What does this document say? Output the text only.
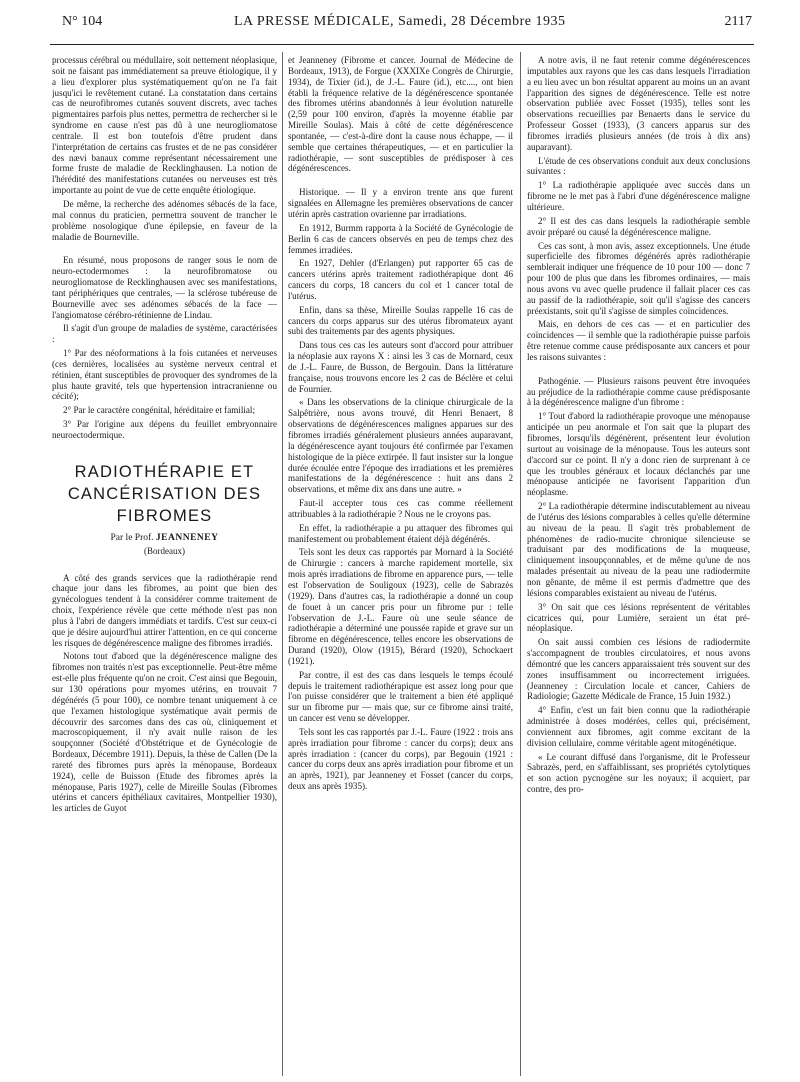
N° 104	LA PRESSE MÉDICALE, Samedi, 28 Décembre 1935	2117

processus cérébral ou médullaire, soit nettement néoplasique, soit ne faisant pas immédiatement sa preuve étiologique, il y a lieu d'explorer plus systématiquement qu'on ne l'a fait jusqu'ici le revêtement cutané. La constatation dans certains cas de neurofibromes cutanés souvent discrets, avec taches pigmentaires parfois plus nettes, permettra de rechercher si le syndrome en cause n'est pas dû à une neurogliomatose centrale. Il est bon toutefois d'être prudent dans l'interprétation de certains cas frustes et de ne pas considérer des nævi banaux comme représentant nécessairement une forme fruste de maladie de Recklinghausen. La notion de l'hérédité des manifestations cutanées ou nerveuses est très importante au point de vue de cette enquête étiologique.

De même, la recherche des adénomes sébacés de la face, mal connus du praticien, permettra souvent de trancher le problème nosologique d'une épilepsie, en faveur de la maladie de Bourneville.

En résumé, nous proposons de ranger sous le nom de neuro-ectodermomes : la neurofibromatose ou neurogliomatose de Recklinghausen avec ses manifestations, tant périphériques que centrales, — la sclérose tubéreuse de Bourneville avec ses adénomes sébacés de la face — l'angiomatose cérébro-rétinienne de Lindau.

Il s'agit d'un groupe de maladies de système, caractérisées :

1° Par des néoformations à la fois cutanées et nerveuses (ces dernières, localisées au système nerveux central et rétinien, étant susceptibles de provoquer des syndromes de la plus haute gravité, tels que hypertension intracranienne ou cécité);

2° Par le caractère congénital, héréditaire et familial;

3° Par l'origine aux dépens du feuillet embryonnaire neuroectodermique.

RADIOTHÉRAPIE ET CANCÉRISATION DES FIBROMES
Par le Prof. JEANNENEY
(Bordeaux)

A côté des grands services que la radiothérapie rend chaque jour dans les fibromes, au point que bien des gynécologues tendent à la considérer comme traitement de choix, l'expérience révèle que cette méthode n'est pas non plus à l'abri de dangers immédiats et tardifs. C'est sur ceux-ci que je désire aujourd'hui attirer l'attention, en ce qui concerne les risques de dégénérescence maligne des fibromes irradiés.

Notons tout d'abord que la dégénérescence maligne des fibromes non traités n'est pas exceptionnelle. Peut-être même est-elle plus fréquente qu'on ne croit. C'est ainsi que Begouin, sur 130 opérations pour myomes utérins, en trouvait 7 dégénérés (5 pour 100), ce nombre tenant uniquement à ce que l'examen histologique systématique avait permis de découvrir des sarcomes dans des cas où, cliniquement et macroscopiquement, il n'y avait nulle raison de les soupçonner (Société d'Obstétrique et de Gynécologie de Bordeaux, Décembre 1911). Depuis, la thèse de Callen (De la rareté des fibromes purs après la ménopause, Bordeaux 1924), celle de Buisson (Etude des fibromes après la ménopause, Paris 1927), celle de Mireille Soulas (Fibromes utérins et cancers épithéliaux cavitaires, Montpellier 1930), les articles de Guyot

et Jeanneney (Fibrome et cancer. Journal de Médecine de Bordeaux, 1913), de Forgue (XXXIXe Congrès de Chirurgie, 1934), de Tixier (id.), de J.-L. Faure (id.), etc...., ont bien établi la fréquence relative de la dégénérescence spontanée des fibromes utérins abandonnés à leur évolution naturelle (2,59 pour 100 environ, d'après la moyenne établie par Mireille Soulas). Mais à côté de cette dégénérescence spontanée, — c'est-à-dire dont la cause nous échappe, — il semble que certaines thérapeutiques, — et en particulier la radiothérapie, — sont susceptibles de prédisposer à ces dégénérescences.

Historique. — Il y a environ trente ans que furent signalées en Allemagne les premières observations de cancer utérin après castration ovarienne par irradiations.

En 1912, Burmm rapporta à la Société de Gynécologie de Berlin 6 cas de cancers observés en peu de temps chez des femmes irradiées.

En 1927, Dehler (d'Erlangen) put rapporter 65 cas de cancers utérins après traitement radiothérapique dont 46 cancers du corps, 18 cancers du col et 1 cancer total de l'utérus.

Enfin, dans sa thèse, Mireille Soulas rappelle 16 cas de cancers du corps apparus sur des utérus fibromateux ayant subi des traitements par des agents physiques.

Dans tous ces cas les auteurs sont d'accord pour attribuer la néoplasie aux rayons X : ainsi les 3 cas de Mornard, ceux de J.-L. Faure, de Busson, de Bergouin. Dans la littérature française, nous trouvons encore les 2 cas de Béclère et celui de Fournier.

« Dans les observations de la clinique chirurgicale de la Salpêtrière, nous avons trouvé, dit Henri Benaert, 8 observations de dégénérescences malignes apparues sur des fibromes irradiés généralement plusieurs années auparavant, la dégénérescence ayant toujours été confirmée par l'examen histologique de la pièce extirpée. Il faut insister sur la longue durée écoulée entre l'époque des irradiations et les premières manifestations de la dégénérescence : huit ans dans 2 observations, et même dix ans dans une autre. »

Faut-il accepter tous ces cas comme réellement attribuables à la radiothérapie ? Nous ne le croyons pas.

En effet, la radiothérapie a pu attaquer des fibromes qui manifestement ou probablement étaient déjà dégénérés.

Tels sont les deux cas rapportés par Mornard à la Société de Chirurgie : cancers à marche rapidement mortelle, six mois après irradiations de fibrome en apparence purs, — telle est l'observation de Souligoux (1923), celle de Sabrazès (1929). Dans d'autres cas, la radiothérapie a donné un coup de fouet à un cancer pris pour un fibrome pur : telle l'observation de J.-L. Faure où une seule séance de radiothérapie a déterminé une poussée rapide et grave sur un fibrome en dégénérescence, telles encore les observations de Durand (1920), Olow (1915), Bérard (1920), Schockaert (1921).

Par contre, il est des cas dans lesquels le temps écoulé depuis le traitement radiothérapique est assez long pour que l'on puisse considérer que le traitement a bien été appliqué sur un fibrome pur — mais que, sur ce fibrome ainsi traité, un cancer est venu se développer.

Tels sont les cas rapportés par J.-L. Faure (1922 : trois ans après irradiation pour fibrome : cancer du corps); deux ans après irradiation : (cancer du corps), par Begouin (1921 : cancer du corps deux ans après irradiation pour fibrome et un an après, 1921), par Jeanneney et Fosset (cancer du corps, deux ans après 1935).

A notre avis, il ne faut retenir comme dégénérescences imputables aux rayons que les cas dans lesquels l'irradiation a eu lieu avec un bon résultat apparent au moins un an avant l'apparition des signes de dégénérescence. Telle est notre observation publiée avec Fosset (1935), telles sont les observations recueillies par Benaerts dans le service du Professeur Gosset (1933), (3 cancers apparus sur des fibromes irradiés plusieurs années (de trois à dix ans) auparavant).

L'étude de ces observations conduit aux deux conclusions suivantes :

1° La radiothérapie appliquée avec succès dans un fibrome ne le met pas à l'abri d'une dégénérescence maligne ultérieure.

2° Il est des cas dans lesquels la radiothérapie semble avoir préparé ou causé la dégénérescence maligne.

Ces cas sont, à mon avis, assez exceptionnels. Une étude superficielle des fibromes dégénérés après radiothérapie semblerait indiquer une fréquence de 10 pour 100 — donc 7 pour 100 de plus que dans les fibromes ordinaires, — mais nous avons vu avec quelle prudence il fallait placer ces cas au passif de la radiothérapie, soit qu'il s'agisse des cancers préexistants, soit qu'il s'agisse de simples coïncidences.

Mais, en dehors de ces cas — et en particulier des coïncidences — il semble que la radiothérapie puisse parfois être retenue comme cause prédisposante aux cancers et pour les raisons suivantes :

Pathogénie. — Plusieurs raisons peuvent être invoquées au préjudice de la radiothérapie comme cause prédisposante à la dégénérescence maligne d'un fibrome :

1° Tout d'abord la radiothérapie provoque une ménopause anticipée un peu anormale et l'on sait que la plupart des fibromes, lorsqu'ils dégénèrent, présentent leur évolution surtout au voisinage de la ménopause. Tous les auteurs sont d'accord sur ce point. Il n'y a donc rien de surprenant à ce que les troubles généraux et locaux déclanchés par une ménopause anticipée ne favorisent l'apparition d'un néoplasme.

2° La radiothérapie détermine indiscutablement au niveau de l'utérus des lésions comparables à celles qu'elle détermine au niveau de la peau. Il s'agit très probablement de phénomènes de radio-mucite chronique silencieuse se traduisant par des modifications de la muqueuse, cliniquement insoupçonnables, et de même qu'une de nos malades présentait au niveau de la peau une radiodermite non gênante, de même il est permis d'admettre que des lésions comparables existaient au niveau de l'utérus.

3° On sait que ces lésions représentent de véritables cicatrices qui, pour Lumière, seraient un état pré-néoplasique.

On sait aussi combien ces lésions de radiodermite s'accompagnent de troubles circulatoires, et nous avons démontré que les cancers apparaissaient très souvent sur des zones insuffisamment ou incorrectement irriguées. (Jeanneney : Circulation locale et cancer, Cahiers de Radiologie; Gazette Médicale de France, 15 Juin 1932.)

4° Enfin, c'est un fait bien connu que la radiothérapie administrée à doses modérées, celles qui, précisément, conviennent aux fibromes, agit comme excitant de la division cellulaire, comme véritable agent mitogénétique.

« Le courant diffusé dans l'organisme, dit le Professeur Sabrazès, perd, en s'affaiblissant, ses propriétés cytolytiques et son action pycnogène sur les noyaux; il acquiert, par contre, des pro-
